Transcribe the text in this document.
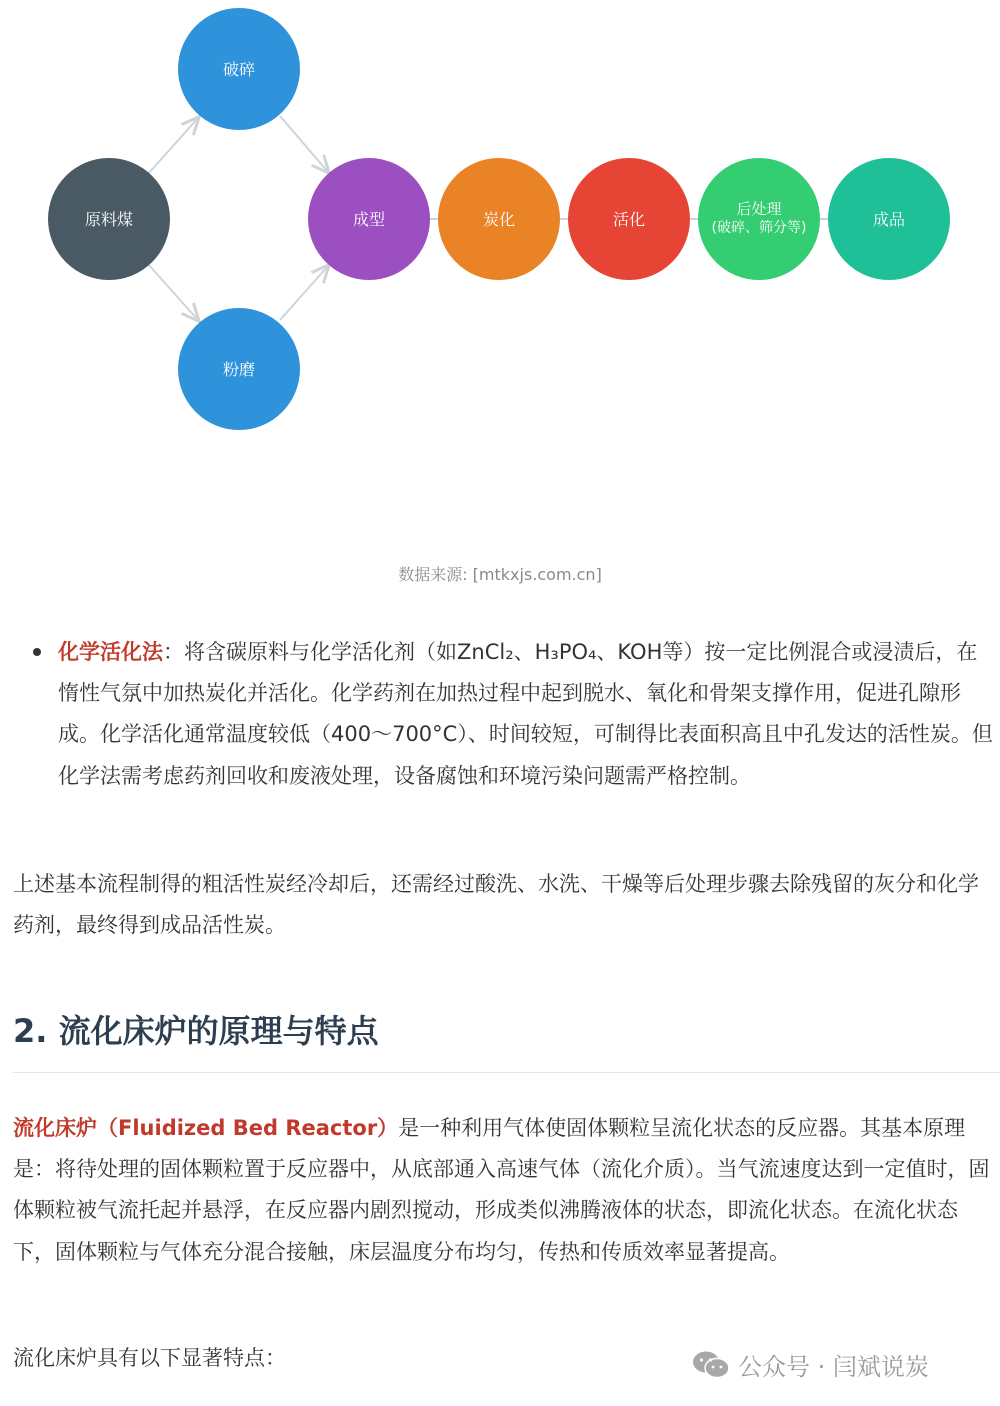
原料煤
破碎
粉磨
成型	炭化	活化
后处理
(破碎、筛分等)	成品
数据来源: [mtkxjs.com.cn]
化学活化法：将含碳原料与化学活化剂（如ZnCl₂、H₃PO₄、KOH等）按一定比例混合或浸渍后，在惰性气氛中加热炭化并活化。化学药剂在加热过程中起到脱水、氧化和骨架支撑作用，促进孔隙形成。化学活化通常温度较低（400～700°C）、时间较短，可制得比表面积高且中孔发达的活性炭。但化学法需考虑药剂回收和废液处理，设备腐蚀和环境污染问题需严格控制。
上述基本流程制得的粗活性炭经冷却后，还需经过酸洗、水洗、干燥等后处理步骤去除残留的灰分和化学药剂，最终得到成品活性炭。
2. 流化床炉的原理与特点
流化床炉（Fluidized Bed Reactor）是一种利用气体使固体颗粒呈流化状态的反应器。其基本原理是：将待处理的固体颗粒置于反应器中，从底部通入高速气体（流化介质）。当气流速度达到一定值时，固体颗粒被气流托起并悬浮，在反应器内剧烈搅动，形成类似沸腾液体的状态，即流化状态。在流化状态下，固体颗粒与气体充分混合接触，床层温度分布均匀，传热和传质效率显著提高。
流化床炉具有以下显著特点：	公众号 · 闫斌说炭
